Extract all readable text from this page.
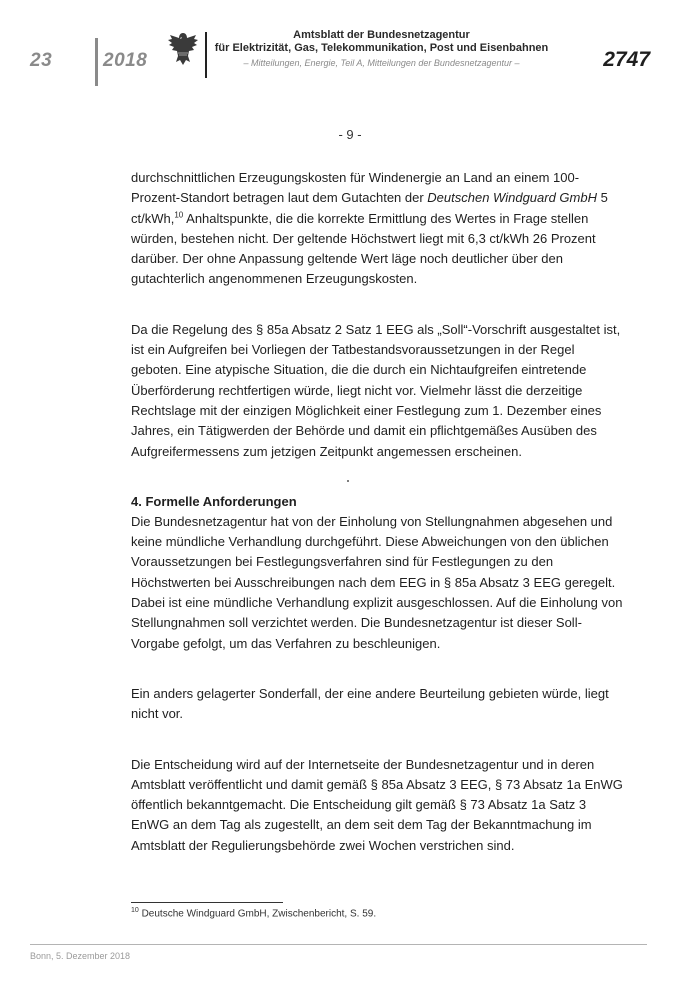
23	2018
Amtsblatt der Bundesnetzagentur
für Elektrizität, Gas, Telekommunikation, Post und Eisenbahnen
– Mitteilungen, Energie, Teil A, Mitteilungen der Bundesnetzagentur –	2747
- 9 -

durchschnittlichen Erzeugungskosten für Windenergie an Land an einem 100-Prozent-Standort betragen laut dem Gutachten der Deutschen Windguard GmbH 5 ct/kWh,$^{10}$ Anhaltspunkte, die die korrekte Ermittlung des Wertes in Frage stellen würden, bestehen nicht. Der geltende Höchstwert liegt mit 6,3 ct/kWh 26 Prozent darüber. Der ohne Anpassung geltende Wert läge noch deutlicher über den gutachterlich angenommenen Erzeugungskosten.

Da die Regelung des § 85a Absatz 2 Satz 1 EEG als „Soll“-Vorschrift ausgestaltet ist, ist ein Aufgreifen bei Vorliegen der Tatbestandsvoraussetzungen in der Regel geboten. Eine atypische Situation, die die durch ein Nichtaufgreifen eintretende Überförderung rechtfertigen würde, liegt nicht vor. Vielmehr lässt die derzeitige Rechtslage mit der einzigen Möglichkeit einer Festlegung zum 1. Dezember eines Jahres, ein Tätigwerden der Behörde und damit ein pflichtgemäßes Ausüben des Aufgreifermessens zum jetzigen Zeitpunkt angemessen erscheinen.

4. Formelle Anforderungen

Die Bundesnetzagentur hat von der Einholung von Stellungnahmen abgesehen und keine mündliche Verhandlung durchgeführt. Diese Abweichungen von den üblichen Voraussetzungen bei Festlegungsverfahren sind für Festlegungen zu den Höchstwerten bei Ausschreibungen nach dem EEG in § 85a Absatz 3 EEG geregelt. Dabei ist eine mündliche Verhandlung explizit ausgeschlossen. Auf die Einholung von Stellungnahmen soll verzichtet werden. Die Bundesnetzagentur ist dieser Soll-Vorgabe gefolgt, um das Verfahren zu beschleunigen.

Ein anders gelagerter Sonderfall, der eine andere Beurteilung gebieten würde, liegt nicht vor.

Die Entscheidung wird auf der Internetseite der Bundesnetzagentur und in deren Amtsblatt veröffentlicht und damit gemäß § 85a Absatz 3 EEG, § 73 Absatz 1a EnWG öffentlich bekanntgemacht. Die Entscheidung gilt gemäß § 73 Absatz 1a Satz 3 EnWG an dem Tag als zugestellt, an dem seit dem Tag der Bekanntmachung im Amtsblatt der Regulierungsbehörde zwei Wochen verstrichen sind.

$^{10}$ Deutsche Windguard GmbH, Zwischenbericht, S. 59.
Bonn, 5. Dezember 2018
